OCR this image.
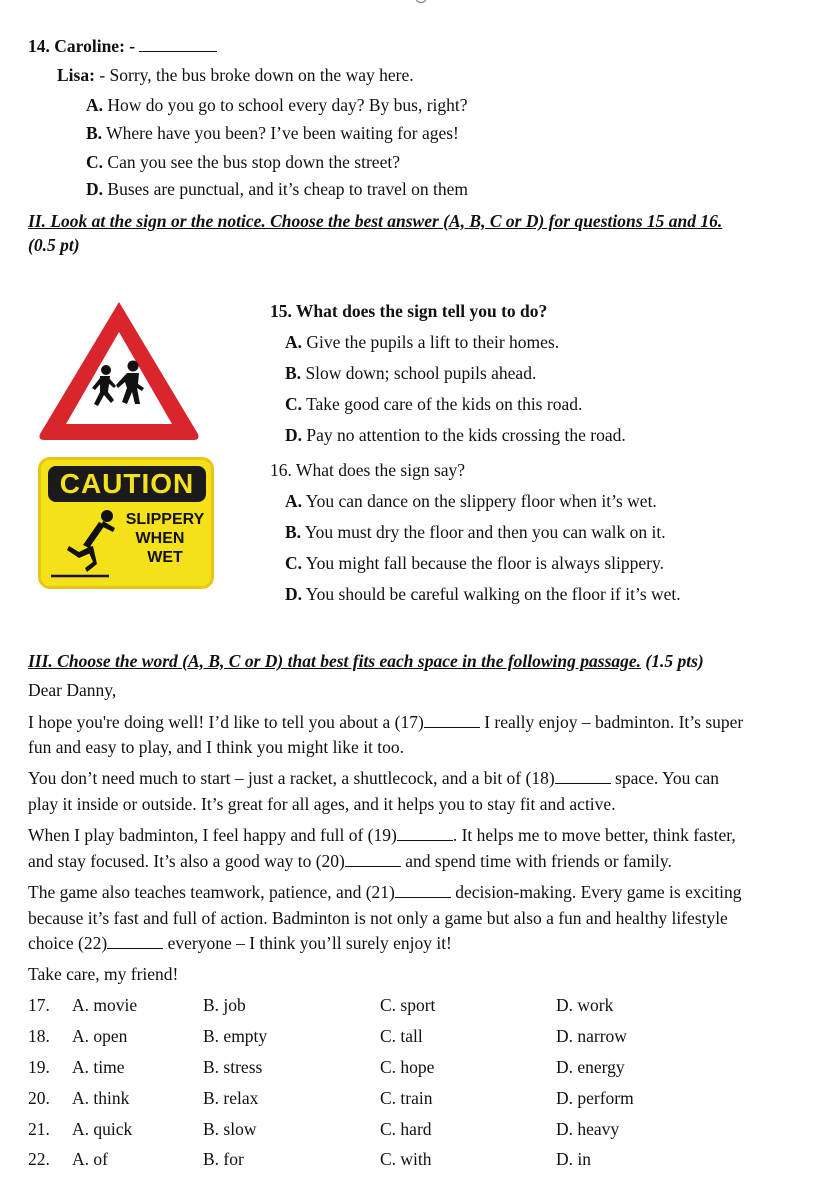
14. Caroline: -
Lisa: - Sorry, the bus broke down on the way here.
A. How do you go to school every day? By bus, right?
B. Where have you been? I’ve been waiting for ages!
C. Can you see the bus stop down the street?
D. Buses are punctual, and it’s cheap to travel on them
II. Look at the sign or the notice. Choose the best answer (A, B, C or D) for questions 15 and 16.
(0.5 pt)
CAUTION
SLIPPERY
WHEN
WET
15. What does the sign tell you to do?
A. Give the pupils a lift to their homes.
B. Slow down; school pupils ahead.
C. Take good care of the kids on this road.
D. Pay no attention to the kids crossing the road.
16. What does the sign say?
A. You can dance on the slippery floor when it’s wet.
B. You must dry the floor and then you can walk on it.
C. You might fall because the floor is always slippery.
D. You should be careful walking on the floor if it’s wet.
III. Choose the word (A, B, C or D) that best fits each space in the following passage. (1.5 pts)
Dear Danny,
I hope you're doing well! I’d like to tell you about a (17)	I really enjoy – badminton. It’s super
fun and easy to play, and I think you might like it too.
You don’t need much to start – just a racket, a shuttlecock, and a bit of (18)	space. You can
play it inside or outside. It’s great for all ages, and it helps you to stay fit and active.
When I play badminton, I feel happy and full of (19)	. It helps me to move better, think faster,
and stay focused. It’s also a good way to (20)	and spend time with friends or family.
The game also teaches teamwork, patience, and (21)	decision-making. Every game is exciting
because it’s fast and full of action. Badminton is not only a game but also a fun and healthy lifestyle
choice (22)	everyone – I think you’ll surely enjoy it!
Take care, my friend!
17. A. movie	B. job	C. sport	D. work
18. A. open	B. empty	C. tall	D. narrow
19. A. time	B. stress	C. hope	D. energy
20. A. think	B. relax	C. train	D. perform
21. A. quick	B. slow	C. hard	D. heavy
22. A. of	B. for	C. with	D. in
